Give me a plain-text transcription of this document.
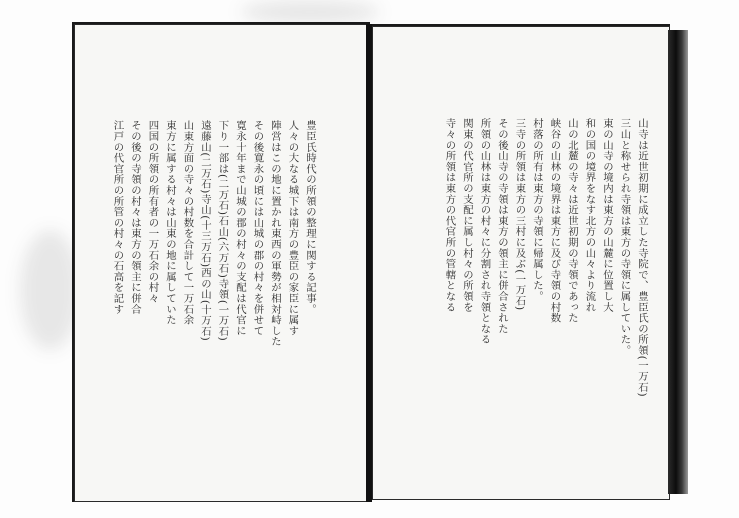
豊臣氏時代の所領の整理に関する記事。
人々の大なる城下は南方の豊臣の家臣に属す
陣営はこの地に置かれ東西の軍勢が相対峙した
その後寛永の頃には山城の郡の村々を併せて
寛永十年まで山城の郡の村々の支配は代官に
下り一部は(二万石)石山(六万石)寺領(一万石)
遠藤山(二万石)寺山(十三万石)西の山(十万石)
山東方面の寺々の村数を合計して一万石余
東方に属する村々は山東の地に属していた
四国の所領の所有者の一万石余の村々
その後の寺領の村々は東方の領主に併合
江戸の代官所の所管の村々の石高を記す	山寺は近世初期に成立した寺院で、豊臣氏の所領(一万石)
三山と称せられ寺領は東方の寺領に属していた。
東の山寺の境内は東方の山麓に位置し大
和の国の境界をなす北方の山々より流れ
山の北麓の寺々は近世初期の寺領であった
峡谷の山林の境界は東方に及び寺領の村数
村落の所有は東方の寺領に帰属した。
三寺の所領は東方の三村に及ぶ(一万石)
その後山寺の寺領は東方の領主に併合された
所領の山林は東方の村々に分割され寺領となる
関東の代官所の支配に属し村々の所領を
寺々の所領は東方の代官所の管轄となる
